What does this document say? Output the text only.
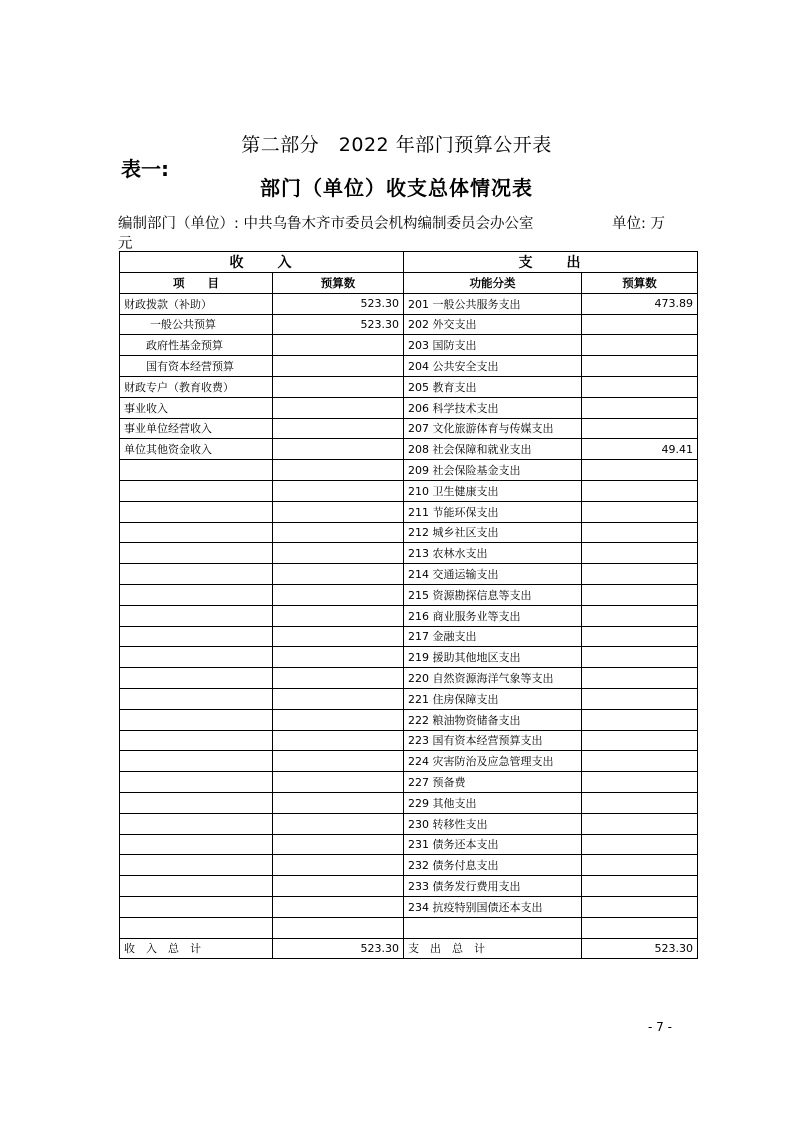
第二部分　2022 年部门预算公开表
表一:
部门（单位）收支总体情况表
编制部门（单位）: 中共乌鲁木齐市委员会机构编制委员会办公室	单位: 万
元
收　　入		支　　出	
项　　目	预算数	功能分类	预算数
财政拨款（补助）	523.30	201 一般公共服务支出	473.89
一般公共预算	523.30	202 外交支出	
政府性基金预算		203 国防支出	
国有资本经营预算		204 公共安全支出	
财政专户（教育收费）		205 教育支出	
事业收入		206 科学技术支出	
事业单位经营收入		207 文化旅游体育与传媒支出	
单位其他资金收入		208 社会保障和就业支出	49.41
		209 社会保险基金支出	
		210 卫生健康支出	
		211 节能环保支出	
		212 城乡社区支出	
		213 农林水支出	
		214 交通运输支出	
		215 资源勘探信息等支出	
		216 商业服务业等支出	
		217 金融支出	
		219 援助其他地区支出	
		220 自然资源海洋气象等支出	
		221 住房保障支出	
		222 粮油物资储备支出	
		223 国有资本经营预算支出	
		224 灾害防治及应急管理支出	
		227 预备费	
		229 其他支出	
		230 转移性支出	
		231 债务还本支出	
		232 债务付息支出	
		233 债务发行费用支出	
		234 抗疫特别国债还本支出	

收　入　总　计	523.30	支　出　总　计	523.30
- 7 -
